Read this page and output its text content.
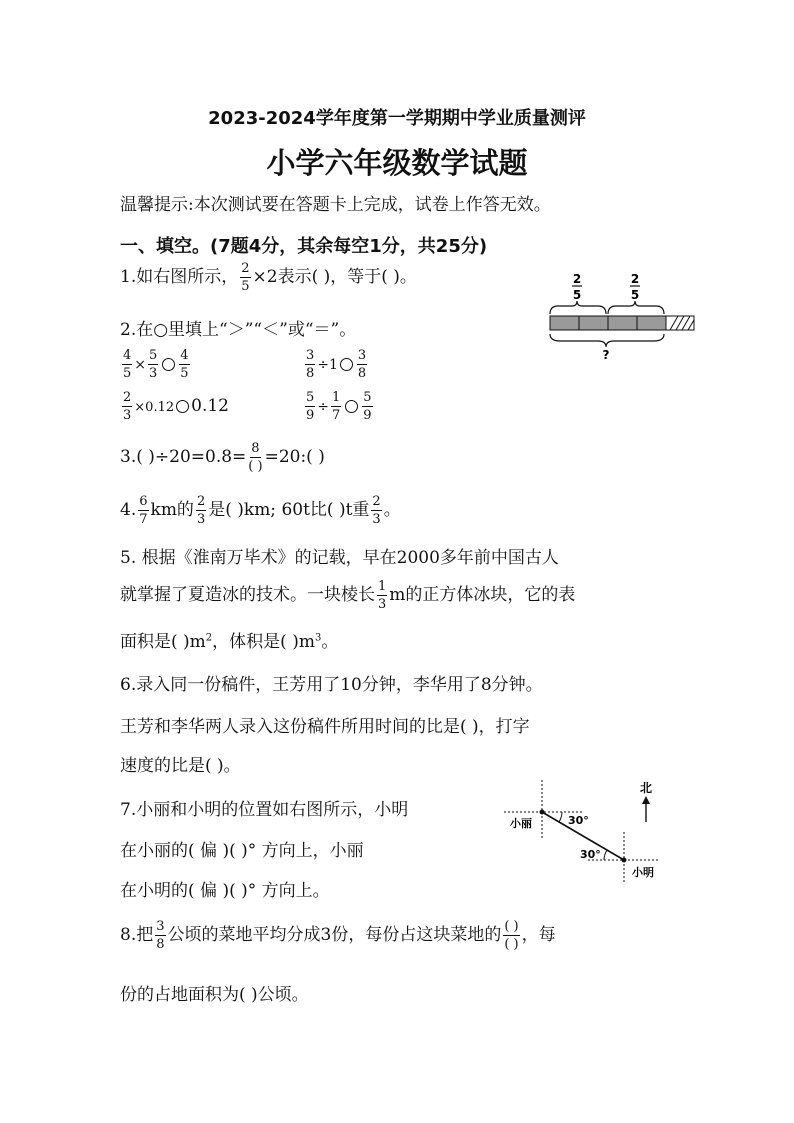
2023-2024学年度第一学期期中学业质量测评
小学六年级数学试题
温馨提示:本次测试要在答题卡上完成，试卷上作答无效。
一、填空。(7题4分，其余每空1分，共25分)
1.如右图所示， $\frac{2}{5} \times 2$表示( )，等于( )。	2
5
2
5
?
2.在○里填上“＞”“＜”或“＝”。
$\frac{4}{5} \times \frac{5}{3} \frac{4}{5}$	$\frac{3}{8} \div 1 \frac{3}{8}$
$\frac{2}{3} \times 0.12$ 0.12	$\frac{5}{9} \div \frac{1}{7} \frac{5}{9}$
3.( )$\div 20=0.8= \frac{8}{( )}$ =20:( )
4. $\frac{6}{7}$ km的 $\frac{2}{3}$ 是( )km; 60t比( )t重 $\frac{2}{3}$ 。
5. 根据《淮南万毕术》的记载，早在2000多年前中国古人
就掌握了夏造冰的技术。一块棱长 $\frac{1}{3}$ m的正方体冰块，它的表
面积是( )$m^2$，体积是( )$m^3$。
6.录入同一份稿件，王芳用了10分钟，李华用了8分钟。
王芳和李华两人录入这份稿件所用时间的比是( )，打字
速度的比是( )。
7.小丽和小明的位置如右图所示，小明
在小丽的( 偏 )( )° 方向上，小丽
在小明的( 偏 )( )° 方向上。
北
30°
30°
小丽
小明
8.把 $\frac{3}{8}$ 公顷的菜地平均分成3份，每份占这块菜地的 $\frac{( )}{( )}$ ，每
份的占地面积为( )公顷。
